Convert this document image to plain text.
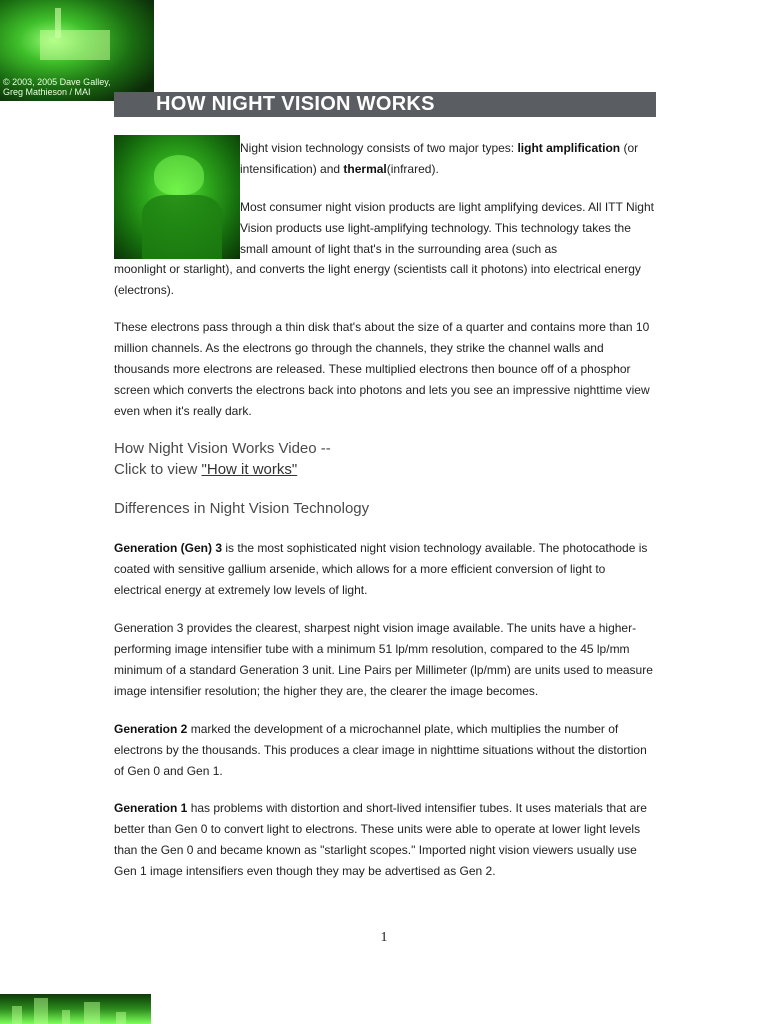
© 2003, 2005 Dave Galley,
Greg Mathieson / MAI
HOW NIGHT VISION WORKS
Night vision technology consists of two major types: light amplification (or intensification) and thermal(infrared).
Most consumer night vision products are light amplifying devices. All ITT Night Vision products use light-amplifying technology. This technology takes the small amount of light that's in the surrounding area (such as
moonlight or starlight), and converts the light energy (scientists call it photons) into electrical energy (electrons).
These electrons pass through a thin disk that's about the size of a quarter and contains more than 10 million channels. As the electrons go through the channels, they strike the channel walls and thousands more electrons are released. These multiplied electrons then bounce off of a phosphor screen which converts the electrons back into photons and lets you see an impressive nighttime view even when it's really dark.
How Night Vision Works Video --
Click to view "How it works"
Differences in Night Vision Technology
Generation (Gen) 3 is the most sophisticated night vision technology available. The photocathode is coated with sensitive gallium arsenide, which allows for a more efficient conversion of light to electrical energy at extremely low levels of light.
Generation 3 provides the clearest, sharpest night vision image available. The units have a higher-performing image intensifier tube with a minimum 51 lp/mm resolution, compared to the 45 lp/mm minimum of a standard Generation 3 unit. Line Pairs per Millimeter (lp/mm) are units used to measure image intensifier resolution; the higher they are, the clearer the image becomes.
Generation 2 marked the development of a microchannel plate, which multiplies the number of electrons by the thousands. This produces a clear image in nighttime situations without the distortion of Gen 0 and Gen 1.
Generation 1 has problems with distortion and short-lived intensifier tubes. It uses materials that are better than Gen 0 to convert light to electrons. These units were able to operate at lower light levels than the Gen 0 and became known as "starlight scopes." Imported night vision viewers usually use Gen 1 image intensifiers even though they may be advertised as Gen 2.
1
